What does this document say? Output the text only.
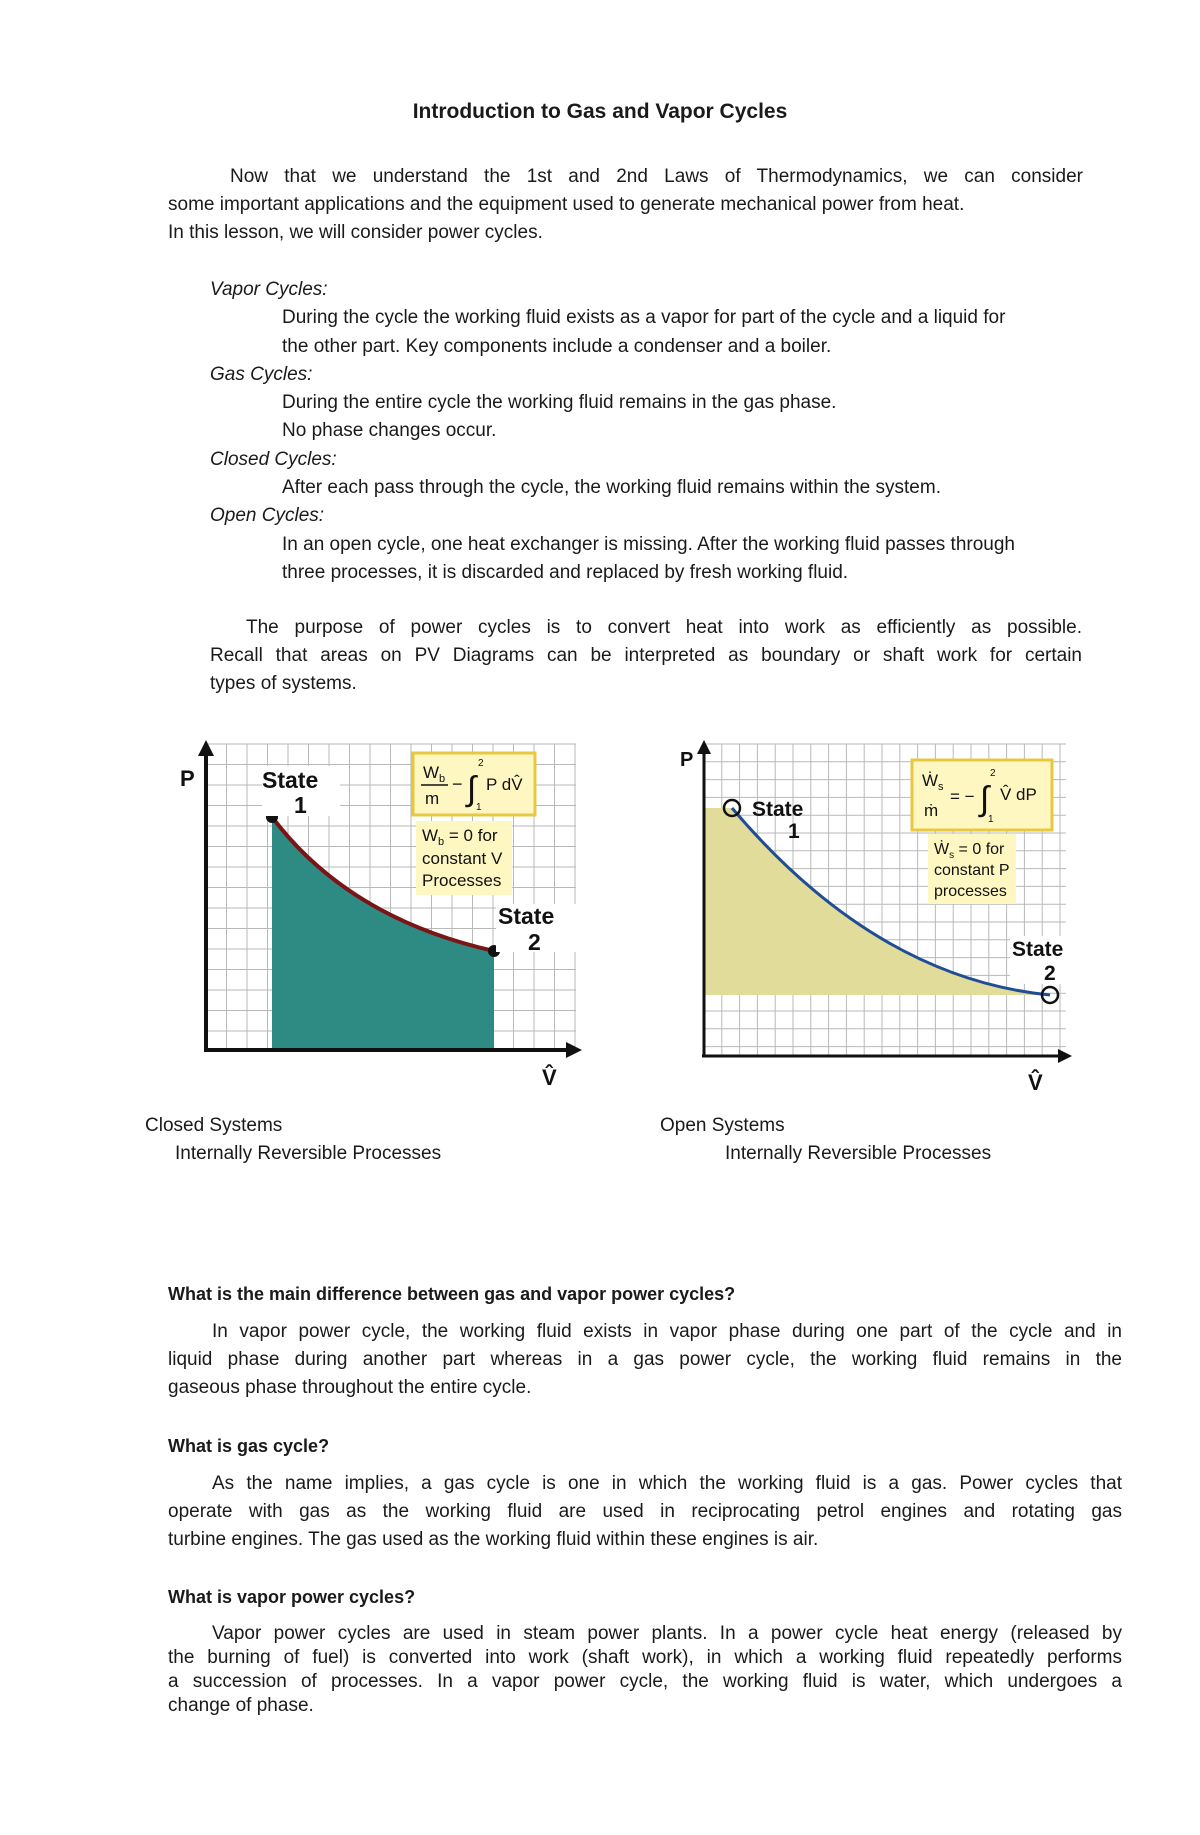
Introduction to Gas and Vapor Cycles
Now that we understand the 1st and 2nd Laws of Thermodynamics, we can consider
some important applications and the equipment used to generate mechanical power from heat.
In this lesson, we will consider power cycles.
Vapor Cycles:
During the cycle the working fluid exists as a vapor for part of the cycle and a liquid for
the other part. Key components include a condenser and a boiler.
Gas Cycles:
During the entire cycle the working fluid remains in the gas phase.
No phase changes occur.
Closed Cycles:
After each pass through the cycle, the working fluid remains within the system.
Open Cycles:
In an open cycle, one heat exchanger is missing. After the working fluid passes through
three processes, it is discarded and replaced by fresh working fluid.
The purpose of power cycles is to convert heat into work as efficiently as possible.
Recall that areas on PV Diagrams can be interpreted as boundary or shaft work for certain
types of systems.
P
V̂
State
1
State
2
$W_b$
m
− ∫
2
1
P dV̂
$W_b = 0$ for
constant V
Processes
P
V̂
State
1
State
2
Ẇ$_s$
ṁ
= − ∫
2
1
V̂ dP
Ẇ$_s$ = 0 for
constant P
processes
Closed Systems
Internally Reversible Processes
Open Systems
Internally Reversible Processes
What is the main difference between gas and vapor power cycles?
In vapor power cycle, the working fluid exists in vapor phase during one part of the cycle and in
liquid phase during another part whereas in a gas power cycle, the working fluid remains in the
gaseous phase throughout the entire cycle.
What is gas cycle?
As the name implies, a gas cycle is one in which the working fluid is a gas. Power cycles that
operate with gas as the working fluid are used in reciprocating petrol engines and rotating gas
turbine engines. The gas used as the working fluid within these engines is air.
What is vapor power cycles?
Vapor power cycles are used in steam power plants. In a power cycle heat energy (released by
the burning of fuel) is converted into work (shaft work), in which a working fluid repeatedly performs
a succession of processes. In a vapor power cycle, the working fluid is water, which undergoes a
change of phase.
